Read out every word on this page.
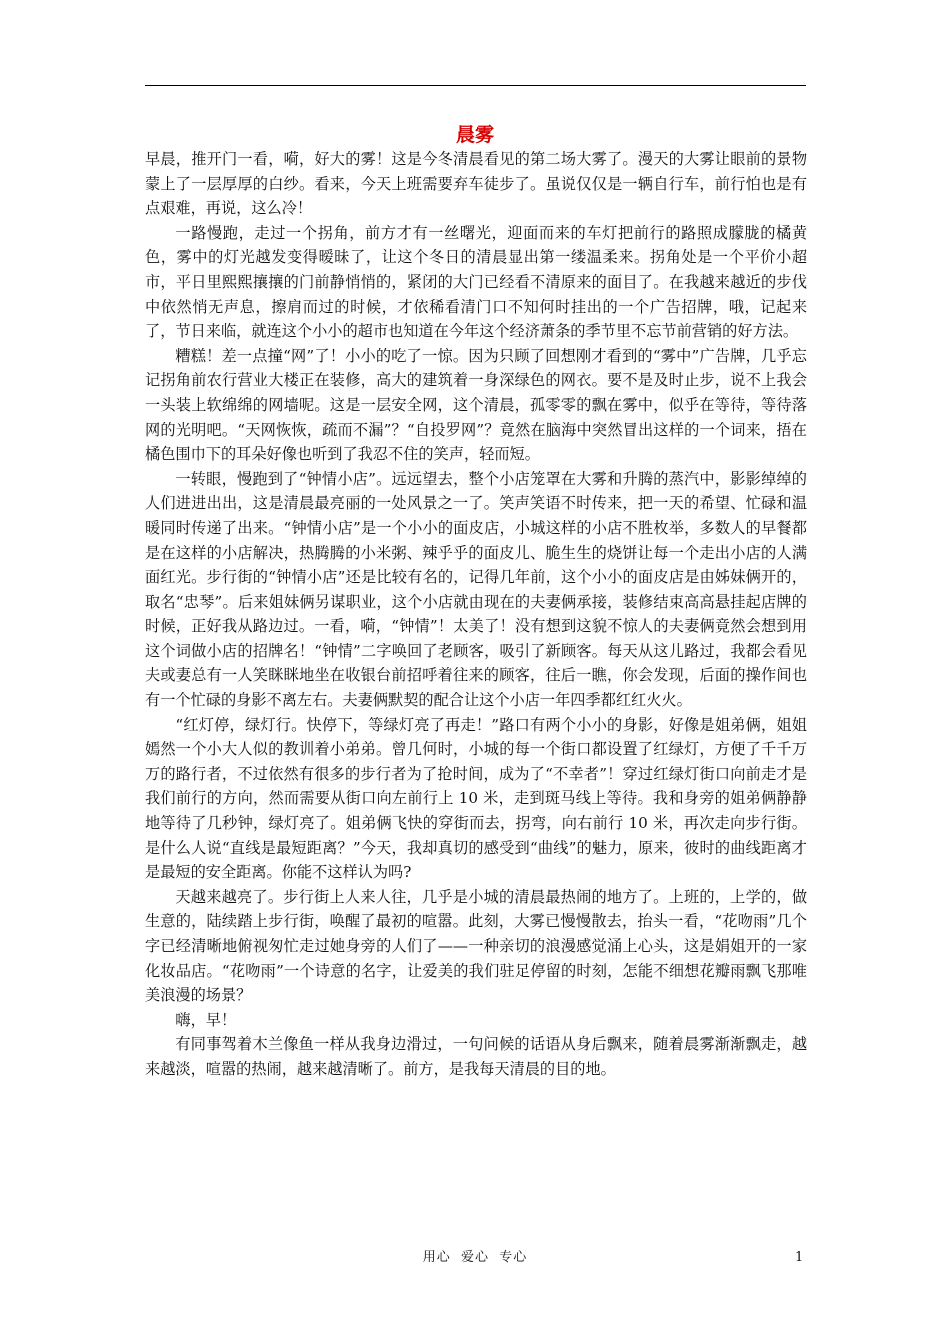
晨雾

早晨，推开门一看，嗬，好大的雾！这是今冬清晨看见的第二场大雾了。漫天的大雾让眼前的景物蒙上了一层厚厚的白纱。看来，今天上班需要弃车徒步了。虽说仅仅是一辆自行车，前行怕也是有点艰难，再说，这么冷！

一路慢跑，走过一个拐角，前方才有一丝曙光，迎面而来的车灯把前行的路照成朦胧的橘黄色，雾中的灯光越发变得暧昧了，让这个冬日的清晨显出第一缕温柔来。拐角处是一个平价小超市，平日里熙熙攘攘的门前静悄悄的，紧闭的大门已经看不清原来的面目了。在我越来越近的步伐中依然悄无声息，擦肩而过的时候，才依稀看清门口不知何时挂出的一个广告招牌，哦，记起来了，节日来临，就连这个小小的超市也知道在今年这个经济萧条的季节里不忘节前营销的好方法。

糟糕！差一点撞“网”了！小小的吃了一惊。因为只顾了回想刚才看到的“雾中”广告牌，几乎忘记拐角前农行营业大楼正在装修，高大的建筑着一身深绿色的网衣。要不是及时止步，说不上我会一头装上软绵绵的网墙呢。这是一层安全网，这个清晨，孤零零的飘在雾中，似乎在等待，等待落网的光明吧。“天网恢恢，疏而不漏”？“自投罗网”？竟然在脑海中突然冒出这样的一个词来，捂在橘色围巾下的耳朵好像也听到了我忍不住的笑声，轻而短。

一转眼，慢跑到了“钟情小店”。远远望去，整个小店笼罩在大雾和升腾的蒸汽中，影影绰绰的人们进进出出，这是清晨最亮丽的一处风景之一了。笑声笑语不时传来，把一天的希望、忙碌和温暖同时传递了出来。“钟情小店”是一个小小的面皮店，小城这样的小店不胜枚举，多数人的早餐都是在这样的小店解决，热腾腾的小米粥、辣乎乎的面皮儿、脆生生的烧饼让每一个走出小店的人满面红光。步行街的“钟情小店”还是比较有名的，记得几年前，这个小小的面皮店是由姊妹俩开的，取名“忠琴”。后来姐妹俩另谋职业，这个小店就由现在的夫妻俩承接，装修结束高高悬挂起店牌的时候，正好我从路边过。一看，嗬，“钟情”！太美了！没有想到这貌不惊人的夫妻俩竟然会想到用这个词做小店的招牌名！“钟情”二字唤回了老顾客，吸引了新顾客。每天从这儿路过，我都会看见夫或妻总有一人笑眯眯地坐在收银台前招呼着往来的顾客，往后一瞧，你会发现，后面的操作间也有一个忙碌的身影不离左右。夫妻俩默契的配合让这个小店一年四季都红红火火。

“红灯停，绿灯行。快停下，等绿灯亮了再走！”路口有两个小小的身影，好像是姐弟俩，姐姐嫣然一个小大人似的教训着小弟弟。曾几何时，小城的每一个街口都设置了红绿灯，方便了千千万万的路行者，不过依然有很多的步行者为了抢时间，成为了“不幸者”！穿过红绿灯街口向前走才是我们前行的方向，然而需要从街口向左前行上 10 米，走到斑马线上等待。我和身旁的姐弟俩静静地等待了几秒钟，绿灯亮了。姐弟俩飞快的穿街而去，拐弯，向右前行 10 米，再次走向步行街。是什么人说“直线是最短距离？”今天，我却真切的感受到“曲线”的魅力，原来，彼时的曲线距离才是最短的安全距离。你能不这样认为吗?

天越来越亮了。步行街上人来人往，几乎是小城的清晨最热闹的地方了。上班的，上学的，做生意的，陆续踏上步行街，唤醒了最初的喧嚣。此刻，大雾已慢慢散去，抬头一看，“花吻雨”几个字已经清晰地俯视匆忙走过她身旁的人们了——一种亲切的浪漫感觉涌上心头，这是娟姐开的一家化妆品店。“花吻雨”一个诗意的名字，让爱美的我们驻足停留的时刻，怎能不细想花瓣雨飘飞那唯美浪漫的场景？

嗨，早！

有同事驾着木兰像鱼一样从我身边滑过，一句问候的话语从身后飘来，随着晨雾渐渐飘走，越来越淡，喧嚣的热闹，越来越清晰了。前方，是我每天清晨的目的地。

用心  爱心  专心	1
